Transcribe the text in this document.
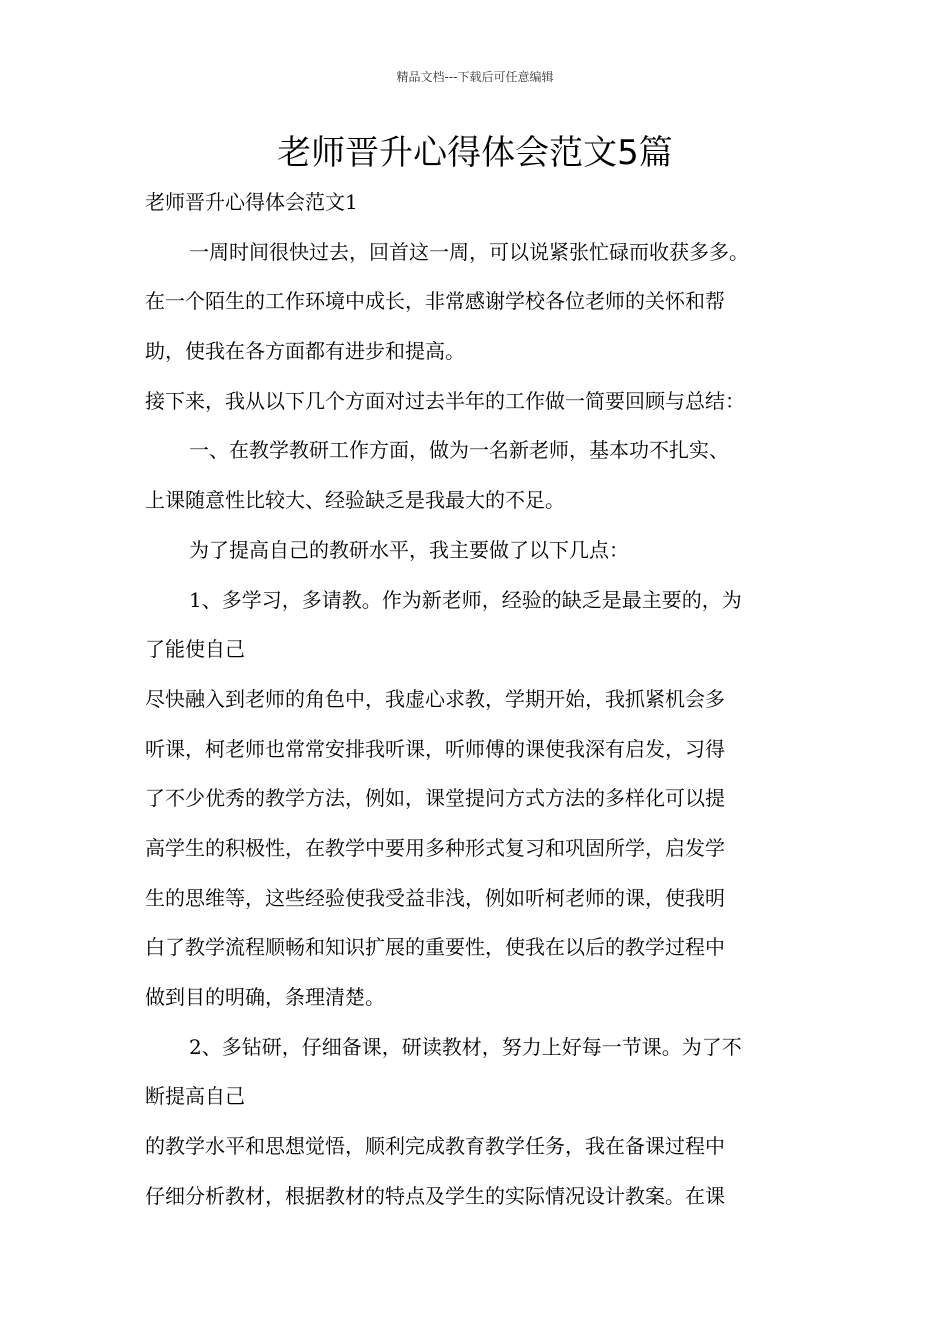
精品文档---下载后可任意编辑
老师晋升心得体会范文5篇
老师晋升心得体会范文1
一周时间很快过去，回首这一周，可以说紧张忙碌而收获多多。
在一个陌生的工作环境中成长，非常感谢学校各位老师的关怀和帮
助，使我在各方面都有进步和提高。
接下来，我从以下几个方面对过去半年的工作做一简要回顾与总结：
一、在教学教研工作方面，做为一名新老师，基本功不扎实、
上课随意性比较大、经验缺乏是我最大的不足。
为了提高自己的教研水平，我主要做了以下几点：
1、多学习，多请教。作为新老师，经验的缺乏是最主要的，为
了能使自己
尽快融入到老师的角色中，我虚心求教，学期开始，我抓紧机会多
听课，柯老师也常常安排我听课，听师傅的课使我深有启发，习得
了不少优秀的教学方法，例如，课堂提问方式方法的多样化可以提
高学生的积极性，在教学中要用多种形式复习和巩固所学，启发学
生的思维等，这些经验使我受益非浅，例如听柯老师的课，使我明
白了教学流程顺畅和知识扩展的重要性，使我在以后的教学过程中
做到目的明确，条理清楚。
2、多钻研，仔细备课，研读教材，努力上好每一节课。为了不
断提高自己
的教学水平和思想觉悟，顺利完成教育教学任务，我在备课过程中
仔细分析教材，根据教材的特点及学生的实际情况设计教案。在课
